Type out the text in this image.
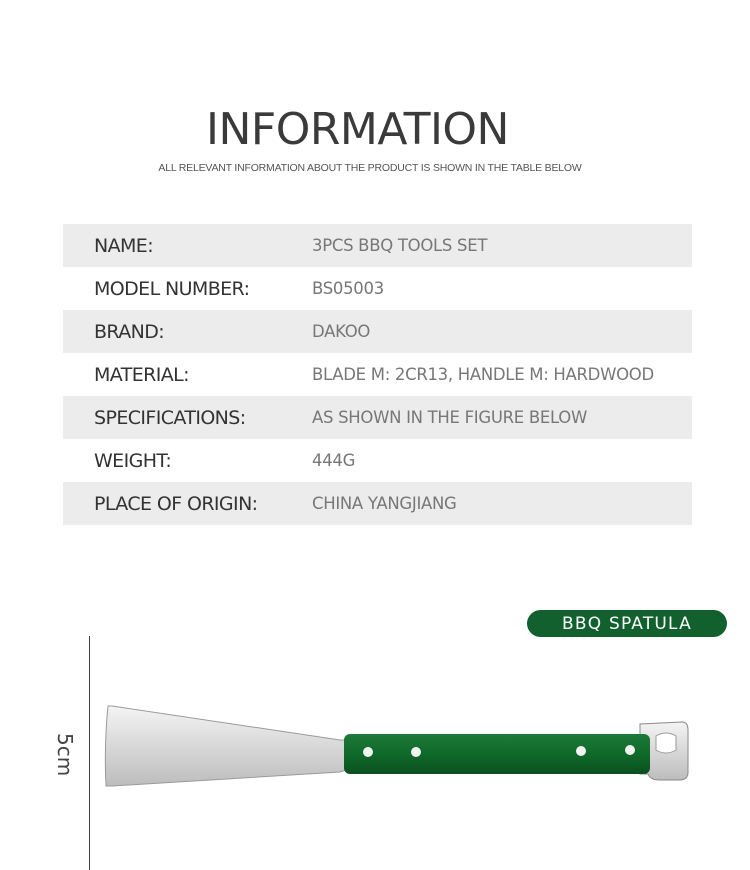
INFORMATION
ALL RELEVANT INFORMATION ABOUT THE PRODUCT IS SHOWN IN THE TABLE BELOW
NAME:	3PCS BBQ TOOLS SET
MODEL NUMBER:	BS05003
BRAND:	DAKOO
MATERIAL:	BLADE M: 2CR13, HANDLE M: HARDWOOD
SPECIFICATIONS:	AS SHOWN IN THE FIGURE BELOW
WEIGHT:	444G
PLACE OF ORIGIN:	CHINA YANGJIANG
BBQ SPATULA
5cm
